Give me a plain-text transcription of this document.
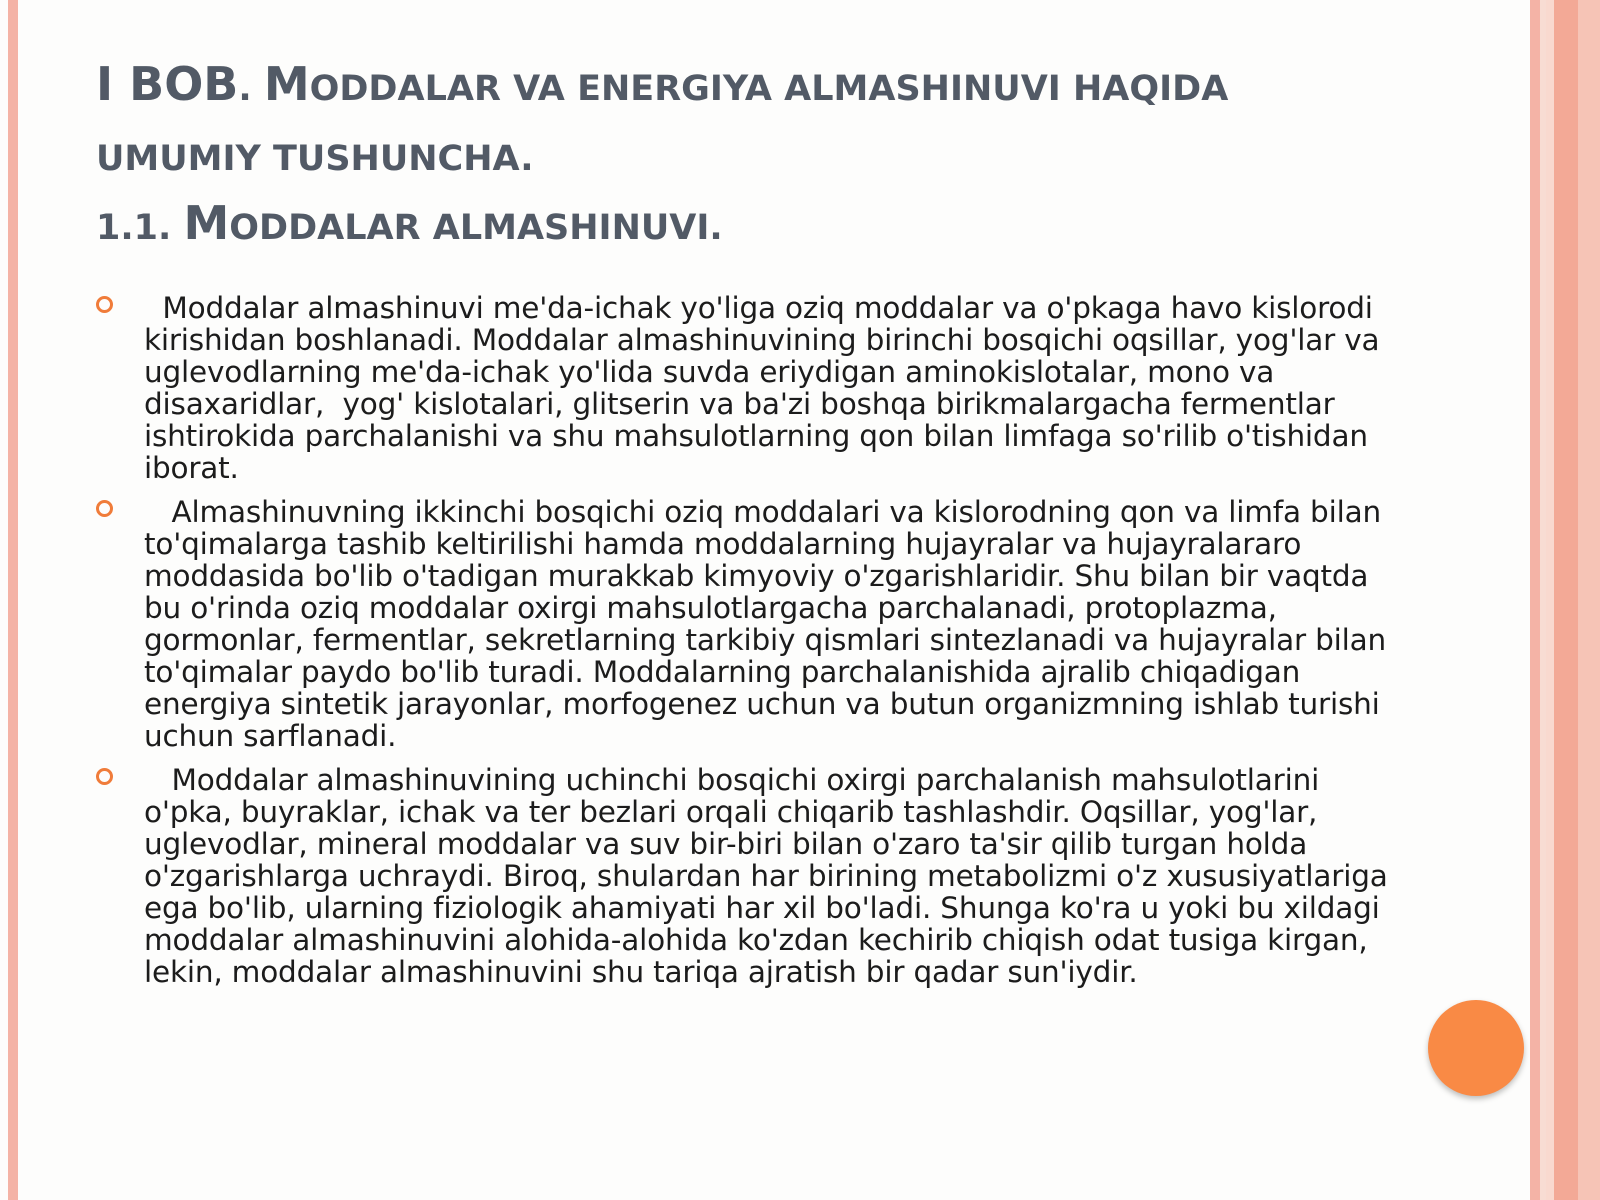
I BOB. MODDALAR VA ENERGIYA ALMASHINUVI HAQIDA
UMUMIY TUSHUNCHA.
1.1. MODDALAR ALMASHINUVI.
Moddalar almashinuvi me'da-ichak yo'liga oziq moddalar va o'pkaga havo kislorodi kirishidan boshlanadi. Moddalar almashinuvining birinchi bosqichi oqsillar, yog'lar va uglevodlarning me'da-ichak yo'lida suvda eriydigan aminokislotalar, mono va disaxaridlar,  yog' kislotalari, glitserin va ba'zi boshqa birikmalargacha fermentlar ishtirokida parchalanishi va shu mahsulotlarning qon bilan limfaga so'rilib o'tishidan iborat.
Almashinuvning ikkinchi bosqichi oziq moddalari va kislorodning qon va limfa bilan to'qimalarga tashib keltirilishi hamda moddalarning hujayralar va hujayralararo moddasida bo'lib o'tadigan murakkab kimyoviy o'zgarishlaridir. Shu bilan bir vaqtda bu o'rinda oziq moddalar oxirgi mahsulotlargacha parchalanadi, protoplazma, gormonlar, fermentlar, sekretlarning tarkibiy qismlari sintezlanadi va hujayralar bilan to'qimalar paydo bo'lib turadi. Moddalarning parchalanishida ajralib chiqadigan energiya sintetik jarayonlar, morfogenez uchun va butun organizmning ishlab turishi uchun sarflanadi.
Moddalar almashinuvining uchinchi bosqichi oxirgi parchalanish mahsulotlarini o'pka, buyraklar, ichak va ter bezlari orqali chiqarib tashlashdir. Oqsillar, yog'lar, uglevodlar, mineral moddalar va suv bir-biri bilan o'zaro ta'sir qilib turgan holda o'zgarishlarga uchraydi. Biroq, shulardan har birining metabolizmi o'z xususiyatlariga ega bo'lib, ularning fiziologik ahamiyati har xil bo'ladi. Shunga ko'ra u yoki bu xildagi moddalar almashinuvini alohida-alohida ko'zdan kechirib chiqish odat tusiga kirgan, lekin, moddalar almashinuvini shu tariqa ajratish bir qadar sun'iydir.
